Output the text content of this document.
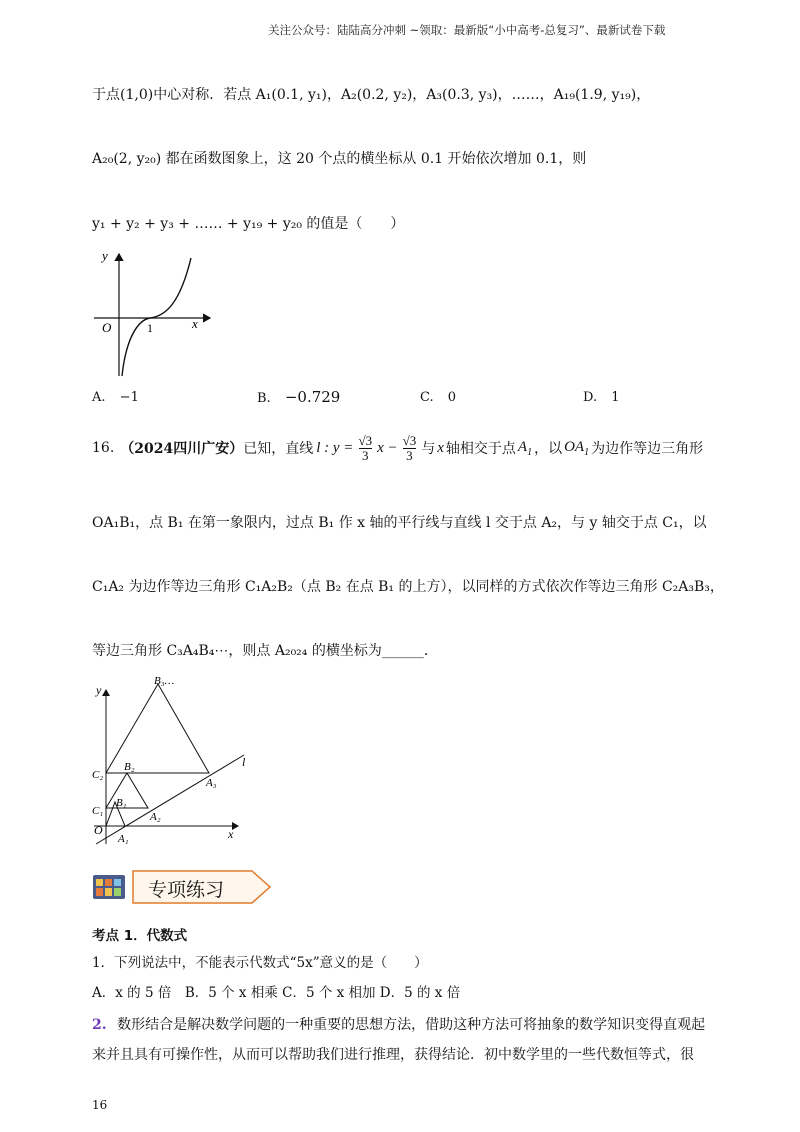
关注公众号：陆陆高分冲刺 ~领取：最新版“小中高考-总复习”、最新试卷下载
于点(1,0)中心对称．若点 A₁(0.1, y₁)，A₂(0.2, y₂)，A₃(0.3, y₃)，……，A₁₉(1.9, y₁₉)，
A₂₀(2, y₂₀) 都在函数图象上，这 20 个点的横坐标从 0.1 开始依次增加 0.1，则
y₁ + y₂ + y₃ + …… + y₁₉ + y₂₀ 的值是（　　）
y
x
O	1
A. −1	B. −0.729	C. 0	D. 1
16. （2024四川广安） 已知，直线 l : $y = \frac{√3}{3}$ $x - \frac{√3}{3}$ 与 x 轴相交于点 $A_1$ ，以 $OA_1$ 为边作等边三角形
OA₁B₁，点 B₁ 在第一象限内，过点 B₁ 作 x 轴的平行线与直线 l 交于点 A₂，与 y 轴交于点 C₁，以
C₁A₂ 为边作等边三角形 C₁A₂B₂（点 B₂ 在点 B₁ 的上方），以同样的方式依次作等边三角形 C₂A₃B₃，
等边三角形 C₃A₄B₄⋯，则点 A₂₀₂₄ 的横坐标为______．
y
x
O
l
B₃…
B₂
B₁
C₂
C₁
A₁
A₂
A₃
专项练习
考点 1．代数式
1．下列说法中，不能表示代数式“5x”意义的是（　　）
A．x 的 5 倍　B．5 个 x 相乘 C．5 个 x 相加 D．5 的 x 倍
2. 数形结合是解决数学问题的一种重要的思想方法，借助这种方法可将抽象的数学知识变得直观起
来并且具有可操作性，从而可以帮助我们进行推理，获得结论．初中数学里的一些代数恒等式，很
16
